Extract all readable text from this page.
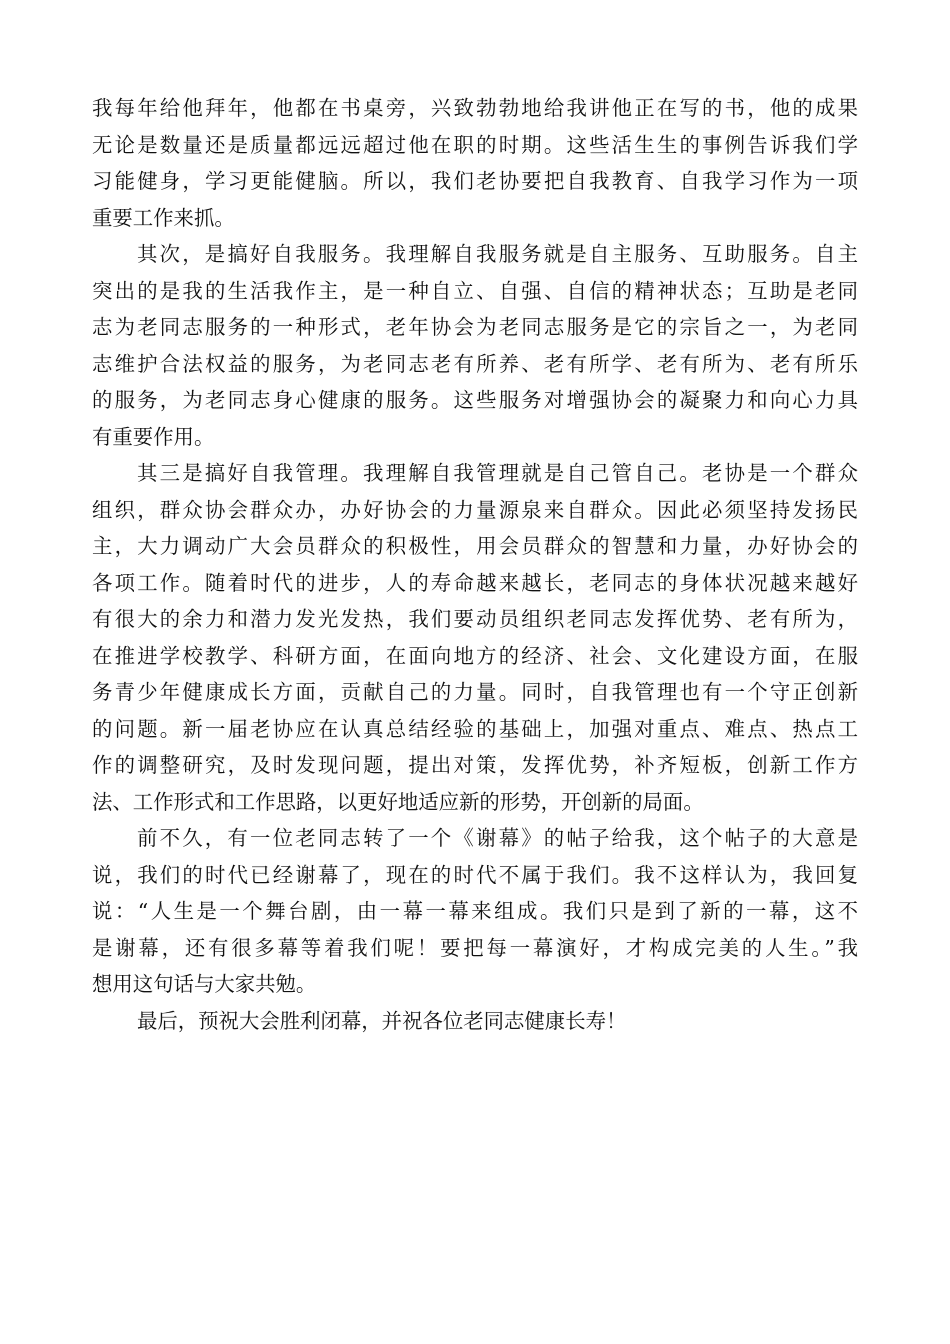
我每年给他拜年，他都在书桌旁，兴致勃勃地给我讲他正在写的书，他的成果
无论是数量还是质量都远远超过他在职的时期。这些活生生的事例告诉我们学
习能健身，学习更能健脑。所以，我们老协要把自我教育、自我学习作为一项
重要工作来抓。
其次，是搞好自我服务。我理解自我服务就是自主服务、互助服务。自主
突出的是我的生活我作主，是一种自立、自强、自信的精神状态；互助是老同
志为老同志服务的一种形式，老年协会为老同志服务是它的宗旨之一，为老同
志维护合法权益的服务，为老同志老有所养、老有所学、老有所为、老有所乐
的服务，为老同志身心健康的服务。这些服务对增强协会的凝聚力和向心力具
有重要作用。
其三是搞好自我管理。我理解自我管理就是自己管自己。老协是一个群众
组织，群众协会群众办，办好协会的力量源泉来自群众。因此必须坚持发扬民
主，大力调动广大会员群众的积极性，用会员群众的智慧和力量，办好协会的
各项工作。随着时代的进步，人的寿命越来越长，老同志的身体状况越来越好
有很大的余力和潜力发光发热，我们要动员组织老同志发挥优势、老有所为，
在推进学校教学、科研方面，在面向地方的经济、社会、文化建设方面，在服
务青少年健康成长方面，贡献自己的力量。同时，自我管理也有一个守正创新
的问题。新一届老协应在认真总结经验的基础上，加强对重点、难点、热点工
作的调整研究，及时发现问题，提出对策，发挥优势，补齐短板，创新工作方
法、工作形式和工作思路，以更好地适应新的形势，开创新的局面。
前不久，有一位老同志转了一个《谢幕》的帖子给我，这个帖子的大意是
说，我们的时代已经谢幕了，现在的时代不属于我们。我不这样认为，我回复
说：“人生是一个舞台剧，由一幕一幕来组成。我们只是到了新的一幕，这不
是谢幕，还有很多幕等着我们呢！要把每一幕演好，才构成完美的人生。”我
想用这句话与大家共勉。
最后，预祝大会胜利闭幕，并祝各位老同志健康长寿！
